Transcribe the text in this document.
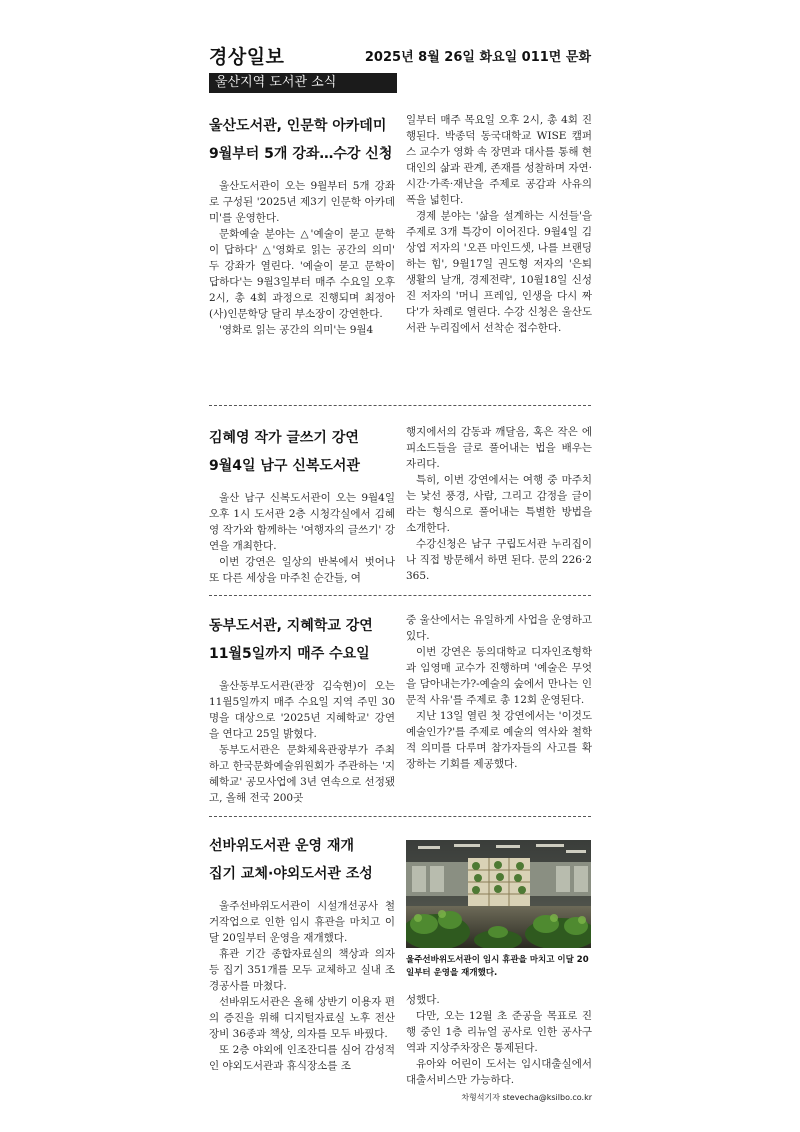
경상일보	2025년 8월 26일 화요일 011면 문화
울산지역 도서관 소식
울산도서관, 인문학 아카데미
9월부터 5개 강좌…수강 신청

울산도서관이 오는 9월부터 5개 강좌로 구성된 '2025년 제3기 인문학 아카데미'를 운영한다.

문화예술 분야는 △'예술이 묻고 문학이 답하다' △'영화로 읽는 공간의 의미' 두 강좌가 열린다. '예술이 묻고 문학이 답하다'는 9월3일부터 매주 수요일 오후 2시, 총 4회 과정으로 진행되며 최정아 (사)인문학당 달리 부소장이 강연한다.

'영화로 읽는 공간의 의미'는 9월4

일부터 매주 목요일 오후 2시, 총 4회 진행된다. 박종덕 동국대학교 WISE 캠퍼스 교수가 영화 속 장면과 대사를 통해 현대인의 삶과 관계, 존재를 성찰하며 자연·시간·가족·재난을 주제로 공감과 사유의 폭을 넓힌다.

경제 분야는 '삶을 설계하는 시선들'을 주제로 3개 특강이 이어진다. 9월4일 김상엽 저자의 '오픈 마인드셋, 나를 브랜딩하는 힘', 9월17일 권도형 저자의 '은퇴생활의 날개, 경제전략', 10월18일 신성진 저자의 '머니 프레임, 인생을 다시 짜다'가 차례로 열린다. 수강 신청은 울산도서관 누리집에서 선착순 접수한다.

김혜영 작가 글쓰기 강연
9월4일 남구 신복도서관

울산 남구 신복도서관이 오는 9월4일 오후 1시 도서관 2층 시청각실에서 김혜영 작가와 함께하는 '여행자의 글쓰기' 강연을 개최한다.

이번 강연은 일상의 반복에서 벗어나 또 다른 세상을 마주친 순간들, 여

행지에서의 감동과 깨달음, 혹은 작은 에피소드들을 글로 풀어내는 법을 배우는 자리다.

특히, 이번 강연에서는 여행 중 마주치는 낯선 풍경, 사람, 그리고 감정을 글이라는 형식으로 풀어내는 특별한 방법을 소개한다.

수강신청은 남구 구립도서관 누리집이나 직접 방문해서 하면 된다. 문의 226·2365.

동부도서관, 지혜학교 강연
11월5일까지 매주 수요일

울산동부도서관(관장 김숙현)이 오는 11월5일까지 매주 수요일 지역 주민 30명을 대상으로 '2025년 지혜학교' 강연을 연다고 25일 밝혔다.

동부도서관은 문화체육관광부가 주최하고 한국문화예술위원회가 주관하는 '지혜학교' 공모사업에 3년 연속으로 선정됐고, 올해 전국 200곳

중 울산에서는 유일하게 사업을 운영하고 있다.

이번 강연은 동의대학교 디자인조형학과 임영매 교수가 진행하며 '예술은 무엇을 담아내는가?-예술의 숲에서 만나는 인문적 사유'를 주제로 총 12회 운영된다.

지난 13일 열린 첫 강연에서는 '이것도 예술인가?'를 주제로 예술의 역사와 철학적 의미를 다루며 참가자들의 사고를 확장하는 기회를 제공했다.

선바위도서관 운영 재개
집기 교체·야외도서관 조성

울주선바위도서관이 시설개선공사 철거작업으로 인한 임시 휴관을 마치고 이달 20일부터 운영을 재개했다.

휴관 기간 종합자료실의 책상과 의자 등 집기 351개를 모두 교체하고 실내 조경공사를 마쳤다.

선바위도서관은 올해 상반기 이용자 편의 증진을 위해 디지털자료실 노후 전산장비 36종과 책상, 의자를 모두 바꿨다.

또 2층 야외에 인조잔디를 심어 감성적인 야외도서관과 휴식장소를 조

울주선바위도서관이 임시 휴관을 마치고 이달 20일부터 운영을 재개했다.

성했다.

다만, 오는 12월 초 준공을 목표로 진행 중인 1층 리뉴얼 공사로 인한 공사구역과 지상주차장은 통제된다.

유아와 어린이 도서는 임시대출실에서 대출서비스만 가능하다.

차형석기자 stevecha@ksilbo.co.kr
